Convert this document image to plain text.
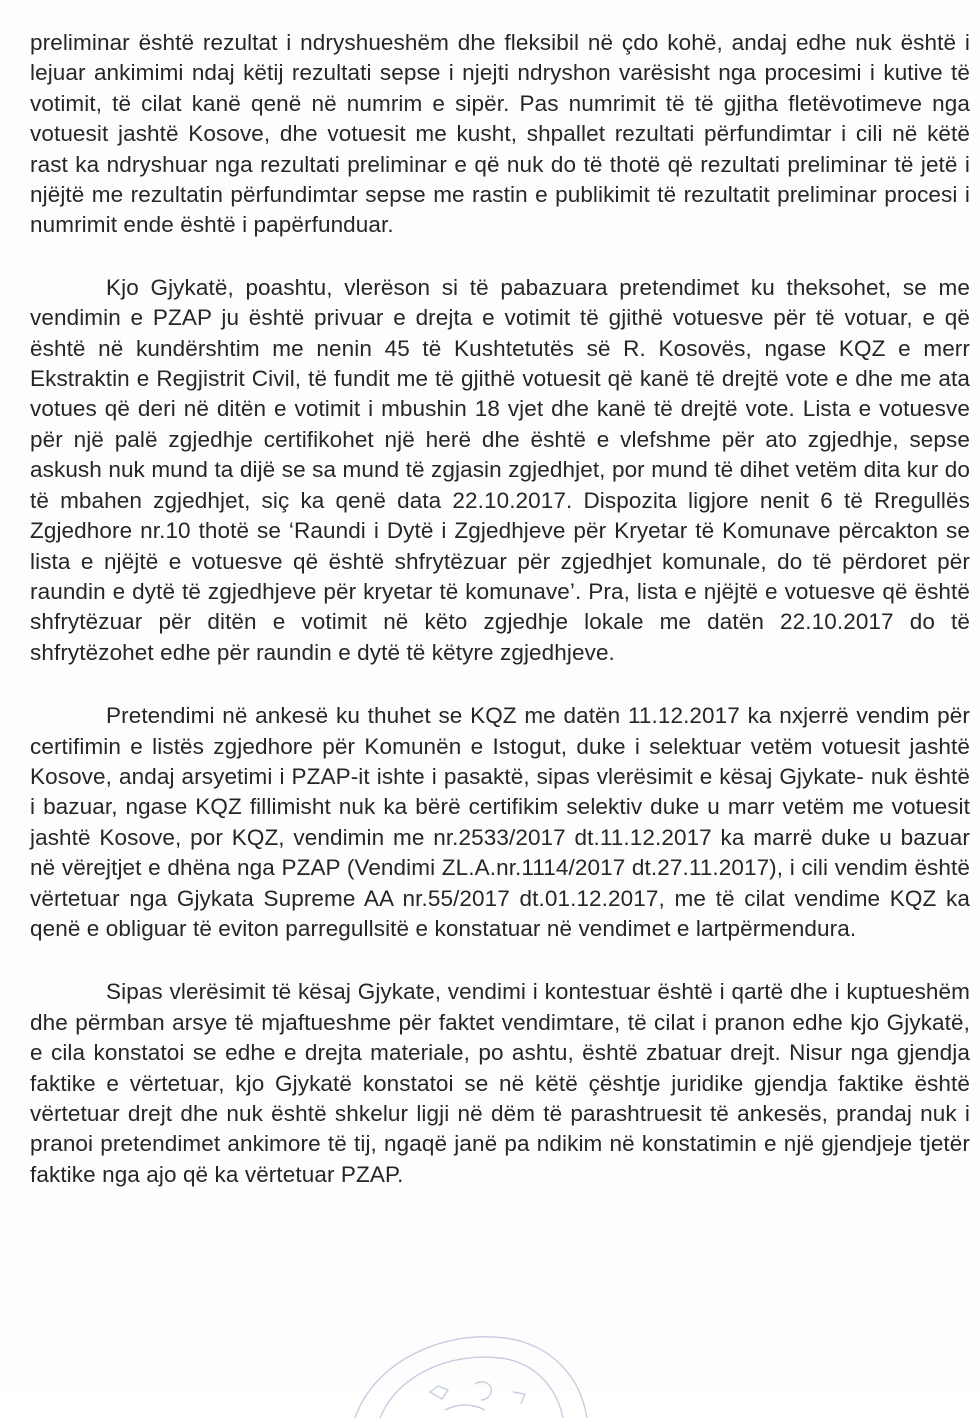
preliminar është rezultat i ndryshueshëm dhe fleksibil në çdo kohë, andaj edhe nuk është i lejuar ankimimi ndaj këtij rezultati sepse i njejti ndryshon varësisht nga procesimi i kutive të votimit, të cilat kanë qenë në numrim e sipër. Pas numrimit të të gjitha fletëvotimeve nga votuesit jashtë Kosove, dhe votuesit me kusht, shpallet rezultati përfundimtar i cili në këtë rast ka ndryshuar nga rezultati preliminar e që nuk do të thotë që rezultati preliminar të jetë i njëjtë me rezultatin përfundimtar sepse me rastin e publikimit të rezultatit preliminar procesi i numrimit ende është i papërfunduar.

Kjo Gjykatë, poashtu, vlerëson si të pabazuara pretendimet ku theksohet, se me vendimin e PZAP ju është privuar e drejta e votimit të gjithë votuesve për të votuar, e që është në kundërshtim me nenin 45 të Kushtetutës së R. Kosovës, ngase KQZ e merr Ekstraktin e Regjistrit Civil, të fundit me të gjithë votuesit që kanë të drejtë vote e dhe me ata votues që deri në ditën e votimit i mbushin 18 vjet dhe kanë të drejtë vote. Lista e votuesve për një palë zgjedhje certifikohet një herë dhe është e vlefshme për ato zgjedhje, sepse askush nuk mund ta dijë se sa mund të zgjasin zgjedhjet, por mund të dihet vetëm dita kur do të mbahen zgjedhjet, siç ka qenë data 22.10.2017. Dispozita ligjore nenit 6 të Rregullës Zgjedhore nr.10 thotë se ‘Raundi i Dytë i Zgjedhjeve për Kryetar të Komunave përcakton se lista e njëjtë e votuesve që është shfrytëzuar për zgjedhjet komunale, do të përdoret për raundin e dytë të zgjedhjeve për kryetar të komunave’. Pra, lista e njëjtë e votuesve që është shfrytëzuar për ditën e votimit në këto zgjedhje lokale me datën 22.10.2017 do të shfrytëzohet edhe për raundin e dytë të këtyre zgjedhjeve.

Pretendimi në ankesë ku thuhet se KQZ me datën 11.12.2017 ka nxjerrë vendim për certifimin e listës zgjedhore për Komunën e Istogut, duke i selektuar vetëm votuesit jashtë Kosove, andaj arsyetimi i PZAP-it ishte i pasaktë, sipas vlerësimit e kësaj Gjykate- nuk është i bazuar, ngase KQZ fillimisht nuk ka bërë certifikim selektiv duke u marr vetëm me votuesit jashtë Kosove, por KQZ, vendimin me nr.2533/2017 dt.11.12.2017 ka marrë duke u bazuar në vërejtjet e dhëna nga PZAP (Vendimi ZL.A.nr.1114/2017 dt.27.11.2017), i cili vendim është vërtetuar nga Gjykata Supreme AA nr.55/2017 dt.01.12.2017, me të cilat vendime KQZ ka qenë e obliguar të eviton parregullsitë e konstatuar në vendimet e lartpërmendura.

Sipas vlerësimit të kësaj Gjykate, vendimi i kontestuar është i qartë dhe i kuptueshëm dhe përmban arsye të mjaftueshme për faktet vendimtare, të cilat i pranon edhe kjo Gjykatë, e cila konstatoi se edhe e drejta materiale, po ashtu, është zbatuar drejt. Nisur nga gjendja faktike e vërtetuar, kjo Gjykatë konstatoi se në këtë çështje juridike gjendja faktike është vërtetuar drejt dhe nuk është shkelur ligji në dëm të parashtruesit të ankesës, prandaj nuk i pranoi pretendimet ankimore të tij, ngaqë janë pa ndikim në konstatimin e një gjendjeje tjetër faktike nga ajo që ka vërtetuar PZAP.
